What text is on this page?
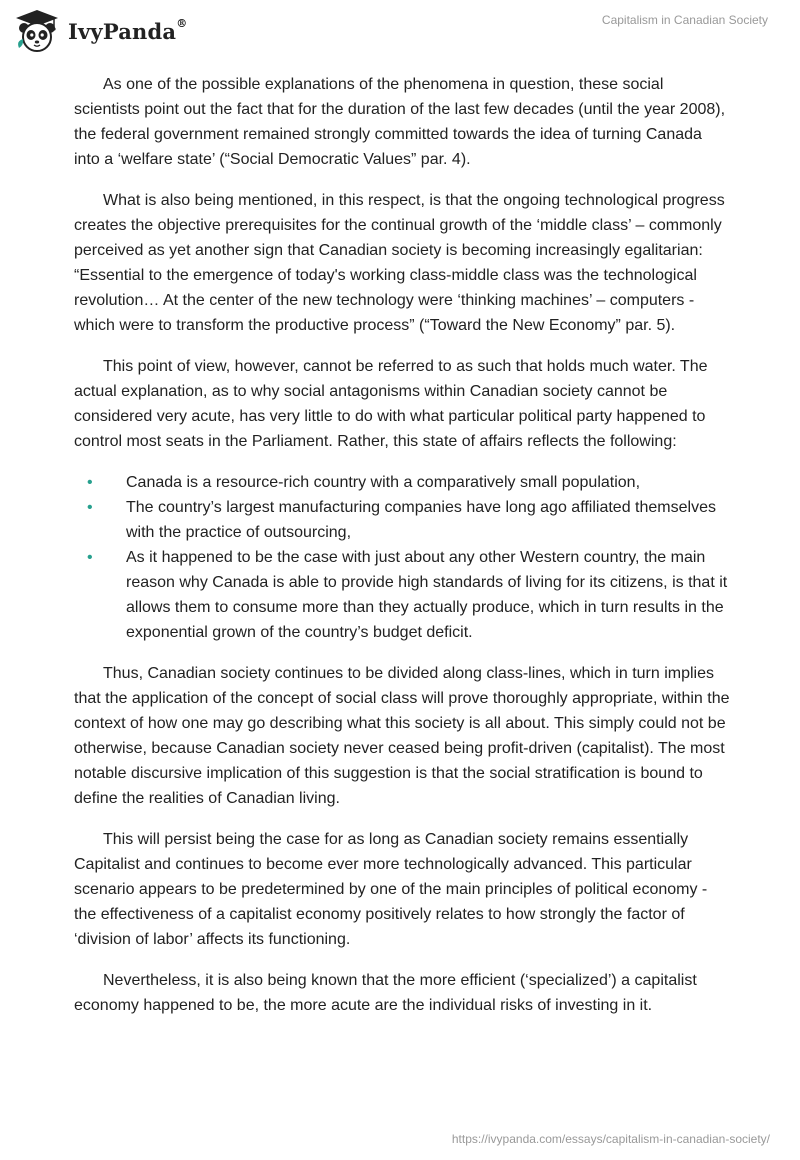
IvyPanda®	Capitalism in Canadian Society

As one of the possible explanations of the phenomena in question, these social scientists point out the fact that for the duration of the last few decades (until the year 2008), the federal government remained strongly committed towards the idea of turning Canada into a ‘welfare state’ (“Social Democratic Values” par. 4).

What is also being mentioned, in this respect, is that the ongoing technological progress creates the objective prerequisites for the continual growth of the ‘middle class’ – commonly perceived as yet another sign that Canadian society is becoming increasingly egalitarian: “Essential to the emergence of today's working class-middle class was the technological revolution… At the center of the new technology were ‘thinking machines’ – computers - which were to transform the productive process” (“Toward the New Economy” par. 5).

This point of view, however, cannot be referred to as such that holds much water. The actual explanation, as to why social antagonisms within Canadian society cannot be considered very acute, has very little to do with what particular political party happened to control most seats in the Parliament. Rather, this state of affairs reflects the following:

• Canada is a resource-rich country with a comparatively small population,
• The country’s largest manufacturing companies have long ago affiliated themselves with the practice of outsourcing,
• As it happened to be the case with just about any other Western country, the main reason why Canada is able to provide high standards of living for its citizens, is that it allows them to consume more than they actually produce, which in turn results in the exponential grown of the country’s budget deficit.

Thus, Canadian society continues to be divided along class-lines, which in turn implies that the application of the concept of social class will prove thoroughly appropriate, within the context of how one may go describing what this society is all about. This simply could not be otherwise, because Canadian society never ceased being profit-driven (capitalist). The most notable discursive implication of this suggestion is that the social stratification is bound to define the realities of Canadian living.

This will persist being the case for as long as Canadian society remains essentially Capitalist and continues to become ever more technologically advanced. This particular scenario appears to be predetermined by one of the main principles of political economy - the effectiveness of a capitalist economy positively relates to how strongly the factor of ‘division of labor’ affects its functioning.

Nevertheless, it is also being known that the more efficient (‘specialized’) a capitalist economy happened to be, the more acute are the individual risks of investing in it.

https://ivypanda.com/essays/capitalism-in-canadian-society/
